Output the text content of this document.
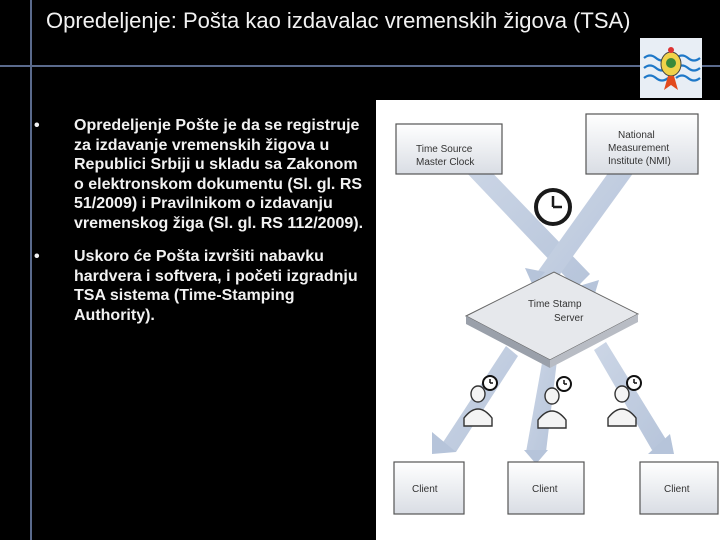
Opredeljenje: Pošta kao izdavalac vremenskih žigova (TSA)
• Opredeljenje Pošte je da se registruje za izdavanje vremenskih žigova u Republici Srbiji u skladu sa Zakonom o elektronskom dokumentu (Sl. gl. RS 51/2009) i Pravilnikom o izdavanju vremenskog žiga (Sl. gl. RS 112/2009).
• Uskoro će Pošta izvršiti nabavku hardvera i softvera, i početi izgradnju TSA sistema (Time-Stamping Authority).
Time Source
Master Clock
National
Measurement
Institute (NMI)
Time Stamp
Server
Client	Client	Client
